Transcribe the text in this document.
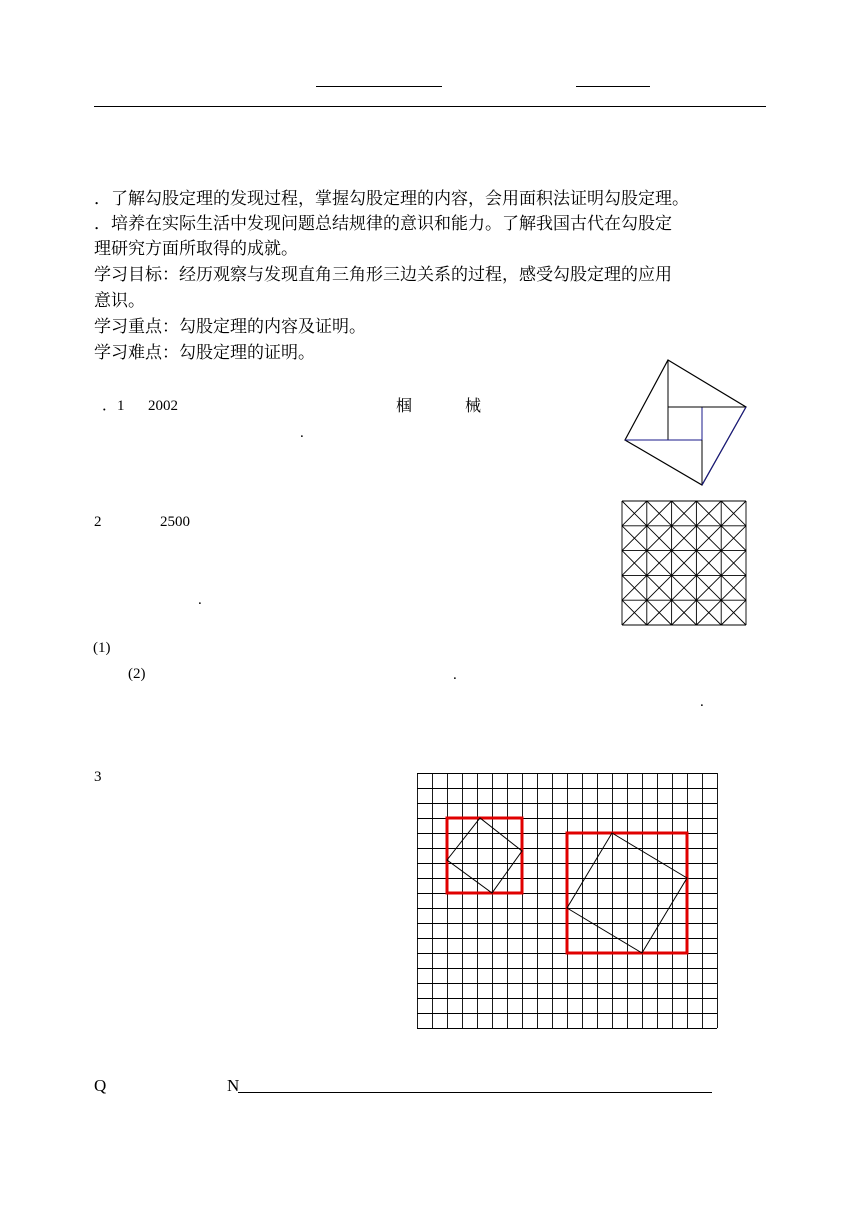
．了解勾股定理的发现过程，掌握勾股定理的内容，会用面积法证明勾股定理。
．培养在实际生活中发现问题总结规律的意识和能力。了解我国古代在勾股定
理研究方面所取得的成就。
学习目标：经历观察与发现直角三角形三边关系的过程，感受勾股定理的应用
意识。
学习重点：勾股定理的内容及证明。
学习难点：勾股定理的证明。
．1 2002	椢	械
.
2	2500
.
(1)
(2)	.
.
3
Q	N
